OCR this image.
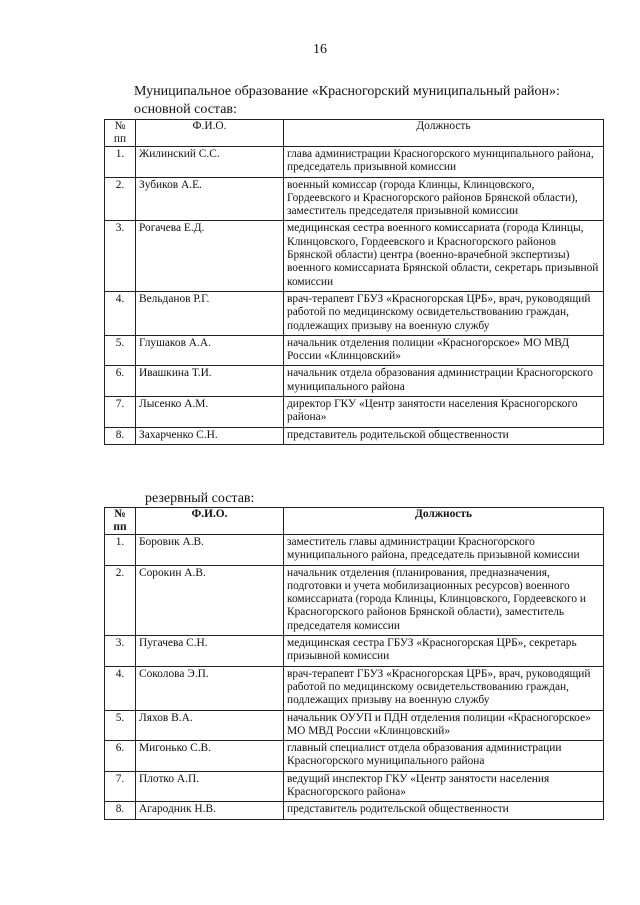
16
Муниципальное образование «Красногорский муниципальный район»:
основной состав:
№ пп	Ф.И.О.	Должность
1.	Жилинский С.С.	глава администрации Красногорского муниципального района, председатель призывной комиссии
2.	Зубиков А.Е.	военный комиссар (города Клинцы, Клинцовского, Гордеевского и Красногорского районов Брянской области), заместитель председателя призывной комиссии
3.	Рогачева Е.Д.	медицинская сестра военного комиссариата (города Клинцы, Клинцовского, Гордеевского и Красногорского районов Брянской области) центра (военно-врачебной экспертизы) военного комиссариата Брянской области, секретарь призывной комиссии
4.	Вельданов Р.Г.	врач-терапевт ГБУЗ «Красногорская ЦРБ», врач, руководящий работой по медицинскому освидетельствованию граждан, подлежащих призыву на военную службу
5.	Глушаков А.А.	начальник отделения полиции «Красногорское» МО МВД России «Клинцовский»
6.	Ивашкина Т.И.	начальник отдела образования администрации Красногорского муниципального района
7.	Лысенко А.М.	директор ГКУ «Центр занятости населения Красногорского района»
8.	Захарченко С.Н.	представитель родительской общественности
резервный состав:
№ пп	Ф.И.О.	Должность
1.	Боровик А.В.	заместитель главы администрации Красногорского муниципального района, председатель призывной комиссии
2.	Сорокин А.В.	начальник отделения (планирования, предназначения, подготовки и учета мобилизационных ресурсов) военного комиссариата (города Клинцы, Клинцовского, Гордеевского и Красногорского районов Брянской области), заместитель председателя комиссии
3.	Пугачева С.Н.	медицинская сестра ГБУЗ «Красногорская ЦРБ», секретарь призывной комиссии
4.	Соколова Э.П.	врач-терапевт ГБУЗ «Красногорская ЦРБ», врач, руководящий работой по медицинскому освидетельствованию граждан, подлежащих призыву на военную службу
5.	Ляхов В.А.	начальник ОУУП и ПДН отделения полиции «Красногорское» МО МВД России «Клинцовский»
6.	Мигонько С.В.	главный специалист отдела образования администрации Красногорского муниципального района
7.	Плотко А.П.	ведущий инспектор ГКУ «Центр занятости населения Красногорского района»
8.	Агародник Н.В.	представитель родительской общественности
